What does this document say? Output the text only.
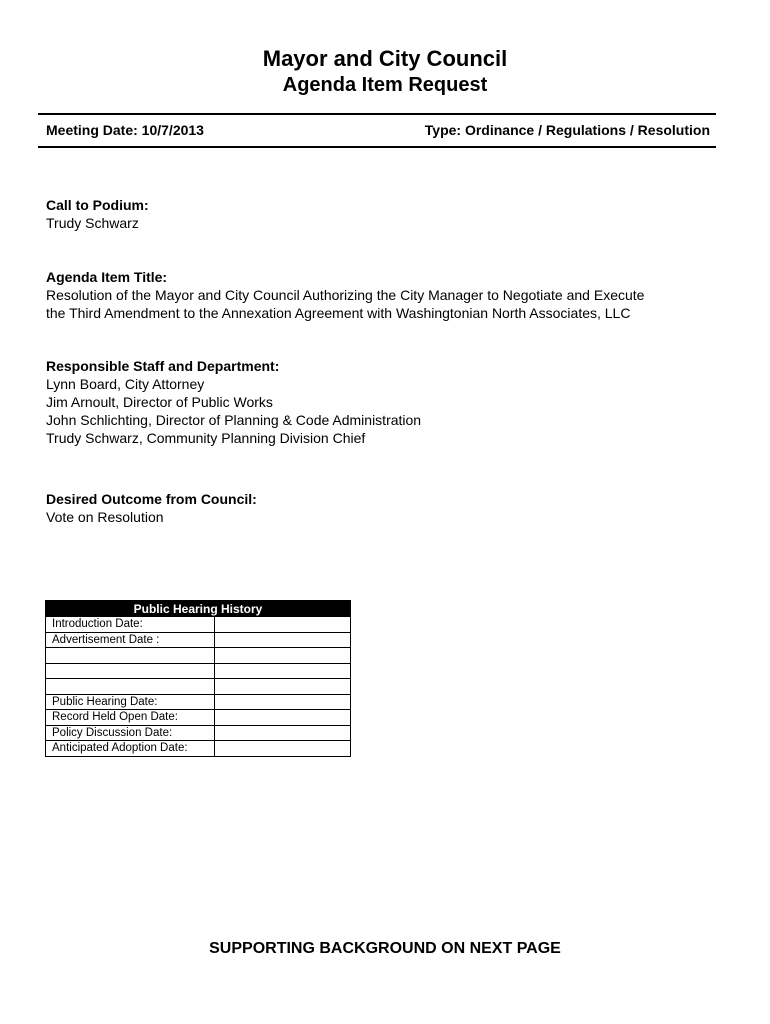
Mayor and City Council
Agenda Item Request
Meeting Date: 10/7/2013	Type: Ordinance / Regulations / Resolution
Call to Podium:
Trudy Schwarz
Agenda Item Title:
Resolution of the Mayor and City Council Authorizing the City Manager to Negotiate and Execute
the Third Amendment to the Annexation Agreement with Washingtonian North Associates, LLC
Responsible Staff and Department:
Lynn Board, City Attorney
Jim Arnoult, Director of Public Works
John Schlichting, Director of Planning & Code Administration
Trudy Schwarz, Community Planning Division Chief
Desired Outcome from Council:
Vote on Resolution
Public Hearing History	
Introduction Date:	
Advertisement Date :	

Public Hearing Date:	
Record Held Open Date:	
Policy Discussion Date:	
Anticipated Adoption Date:	
SUPPORTING BACKGROUND ON NEXT PAGE
